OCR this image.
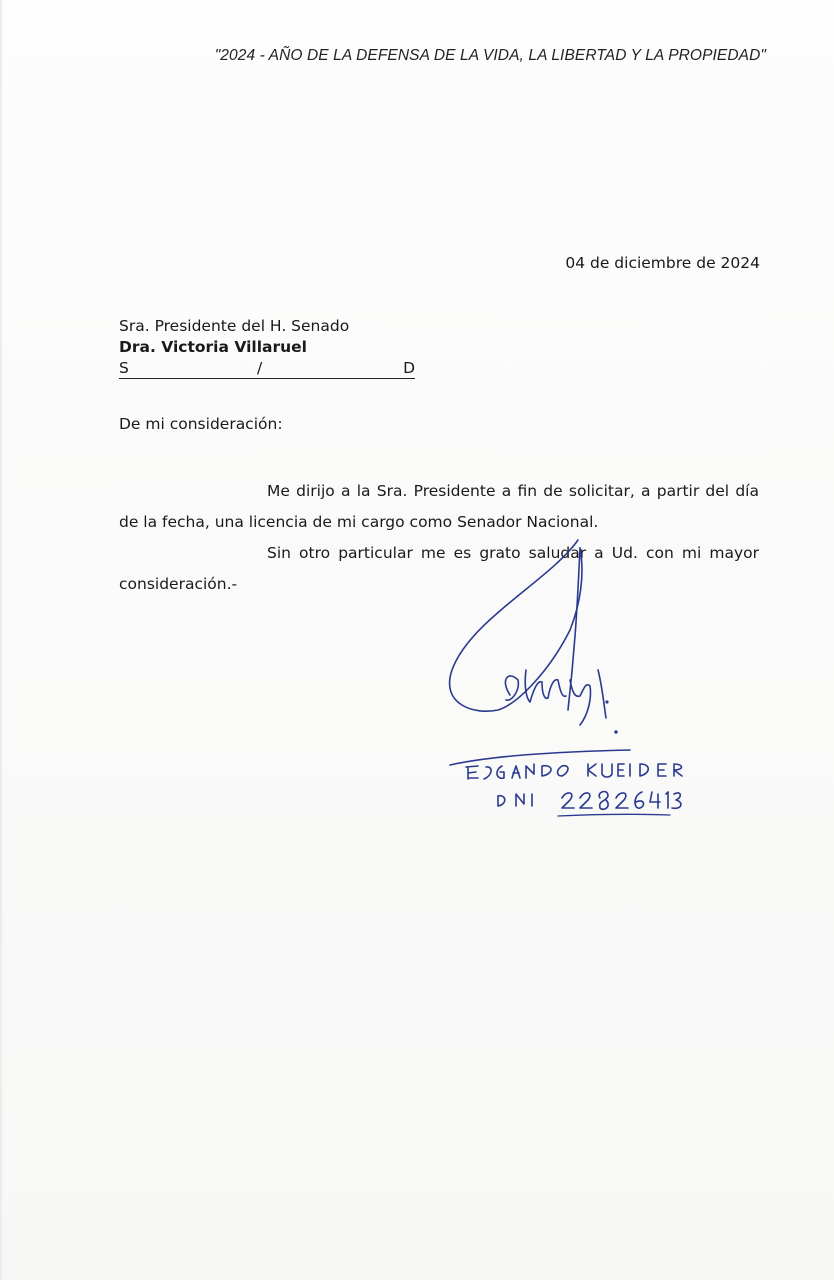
"2024 - AÑO DE LA DEFENSA DE LA VIDA, LA LIBERTAD Y LA PROPIEDAD"
04 de diciembre de 2024
Sra. Presidente del H. Senado
Dra. Victoria Villaruel
S	/	D
De mi consideración:

Me dirijo a la Sra. Presidente a fin de solicitar, a partir del día de la fecha, una licencia de mi cargo como Senador Nacional.

Sin otro particular me es grato saludar a Ud. con mi mayor consideración.-
